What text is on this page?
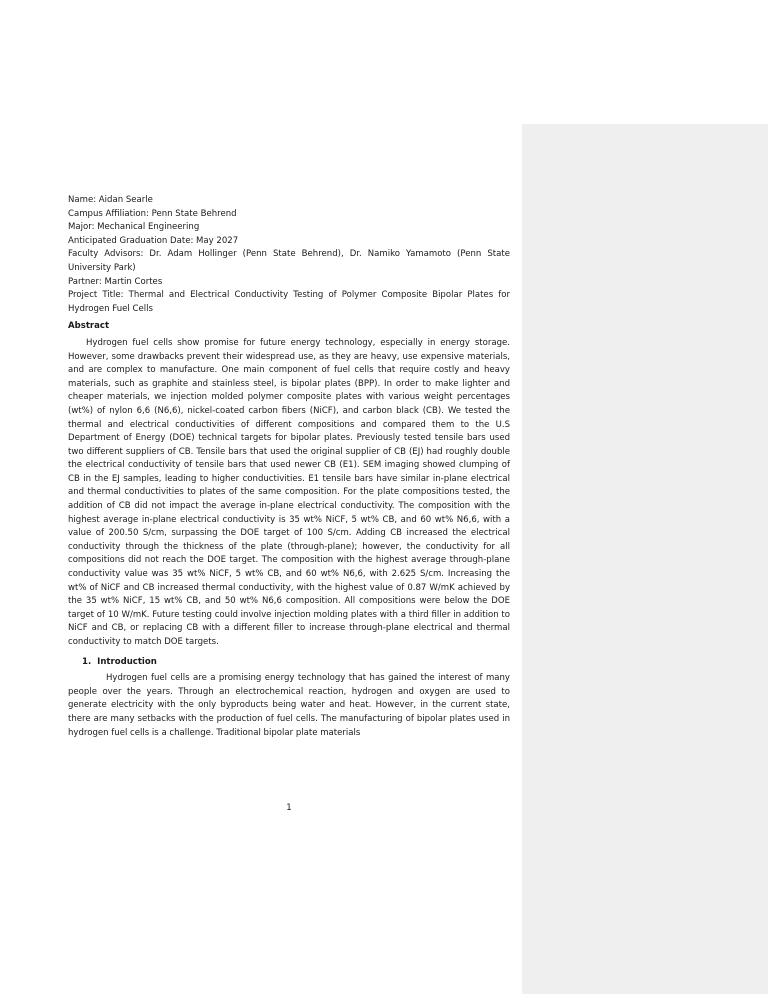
Name: Aidan Searle
Campus Affiliation: Penn State Behrend
Major: Mechanical Engineering
Anticipated Graduation Date: May 2027
Faculty Advisors: Dr. Adam Hollinger (Penn State Behrend), Dr. Namiko Yamamoto (Penn State University Park)
Partner: Martin Cortes
Project Title: Thermal and Electrical Conductivity Testing of Polymer Composite Bipolar Plates for Hydrogen Fuel Cells
Abstract

Hydrogen fuel cells show promise for future energy technology, especially in energy storage. However, some drawbacks prevent their widespread use, as they are heavy, use expensive materials, and are complex to manufacture. One main component of fuel cells that require costly and heavy materials, such as graphite and stainless steel, is bipolar plates (BPP). In order to make lighter and cheaper materials, we injection molded polymer composite plates with various weight percentages (wt%) of nylon 6,6 (N6,6), nickel-coated carbon fibers (NiCF), and carbon black (CB). We tested the thermal and electrical conductivities of different compositions and compared them to the U.S Department of Energy (DOE) technical targets for bipolar plates. Previously tested tensile bars used two different suppliers of CB. Tensile bars that used the original supplier of CB (EJ) had roughly double the electrical conductivity of tensile bars that used newer CB (E1). SEM imaging showed clumping of CB in the EJ samples, leading to higher conductivities. E1 tensile bars have similar in-plane electrical and thermal conductivities to plates of the same composition. For the plate compositions tested, the addition of CB did not impact the average in-plane electrical conductivity. The composition with the highest average in-plane electrical conductivity is 35 wt% NiCF, 5 wt% CB, and 60 wt% N6,6, with a value of 200.50 S/cm, surpassing the DOE target of 100 S/cm. Adding CB increased the electrical conductivity through the thickness of the plate (through-plane); however, the conductivity for all compositions did not reach the DOE target. The composition with the highest average through-plane conductivity value was 35 wt% NiCF, 5 wt% CB, and 60 wt% N6,6, with 2.625 S/cm. Increasing the wt% of NiCF and CB increased thermal conductivity, with the highest value of 0.87 W/mK achieved by the 35 wt% NiCF, 15 wt% CB, and 50 wt% N6,6 composition. All compositions were below the DOE target of 10 W/mK. Future testing could involve injection molding plates with a third filler in addition to NiCF and CB, or replacing CB with a different filler to increase through-plane electrical and thermal conductivity to match DOE targets.

1.  Introduction

Hydrogen fuel cells are a promising energy technology that has gained the interest of many people over the years. Through an electrochemical reaction, hydrogen and oxygen are used to generate electricity with the only byproducts being water and heat. However, in the current state, there are many setbacks with the production of fuel cells. The manufacturing of bipolar plates used in hydrogen fuel cells is a challenge. Traditional bipolar plate materials

1
